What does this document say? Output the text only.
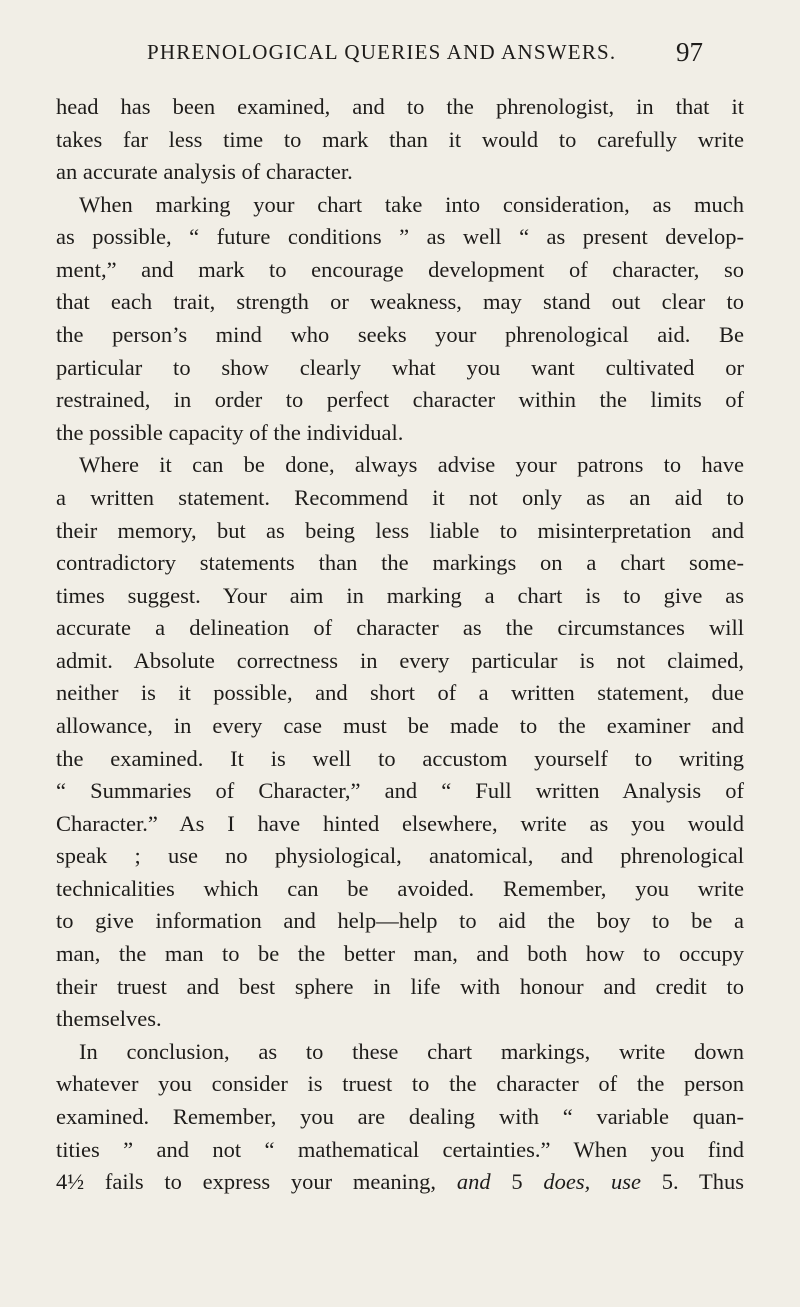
PHRENOLOGICAL QUERIES AND ANSWERS. 97
head has been examined, and to the phrenologist, in that it
takes far less time to mark than it would to carefully write
an accurate analysis of character.
When marking your chart take into consideration, as much
as possible, “ future conditions ” as well “ as present develop-
ment,” and mark to encourage development of character, so
that each trait, strength or weakness, may stand out clear to
the person’s mind who seeks your phrenological aid. Be
particular to show clearly what you want cultivated or
restrained, in order to perfect character within the limits of
the possible capacity of the individual.
Where it can be done, always advise your patrons to have
a written statement. Recommend it not only as an aid to
their memory, but as being less liable to misinterpretation and
contradictory statements than the markings on a chart some-
times suggest. Your aim in marking a chart is to give as
accurate a delineation of character as the circumstances will
admit. Absolute correctness in every particular is not claimed,
neither is it possible, and short of a written statement, due
allowance, in every case must be made to the examiner and
the examined. It is well to accustom yourself to writing
“ Summaries of Character,” and “ Full written Analysis of
Character.” As I have hinted elsewhere, write as you would
speak ; use no physiological, anatomical, and phrenological
technicalities which can be avoided. Remember, you write
to give information and help—help to aid the boy to be a
man, the man to be the better man, and both how to occupy
their truest and best sphere in life with honour and credit to
themselves.
In conclusion, as to these chart markings, write down
whatever you consider is truest to the character of the person
examined. Remember, you are dealing with “ variable quan-
tities ” and not “ mathematical certainties.” When you find
4½ fails to express your meaning, and 5 does, use 5. Thus
